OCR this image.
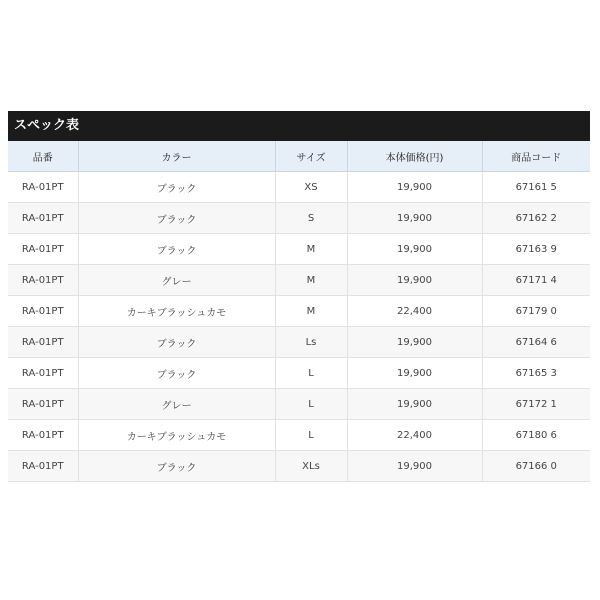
スペック表
品番	カラー	サイズ	本体価格(円)	商品コード
RA-01PT	ブラック	XS	19,900	67161 5
RA-01PT	ブラック	S	19,900	67162 2
RA-01PT	ブラック	M	19,900	67163 9
RA-01PT	グレー	M	19,900	67171 4
RA-01PT	カーキブラッシュカモ	M	22,400	67179 0
RA-01PT	ブラック	Ls	19,900	67164 6
RA-01PT	ブラック	L	19,900	67165 3
RA-01PT	グレー	L	19,900	67172 1
RA-01PT	カーキブラッシュカモ	L	22,400	67180 6
RA-01PT	ブラック	XLs	19,900	67166 0
